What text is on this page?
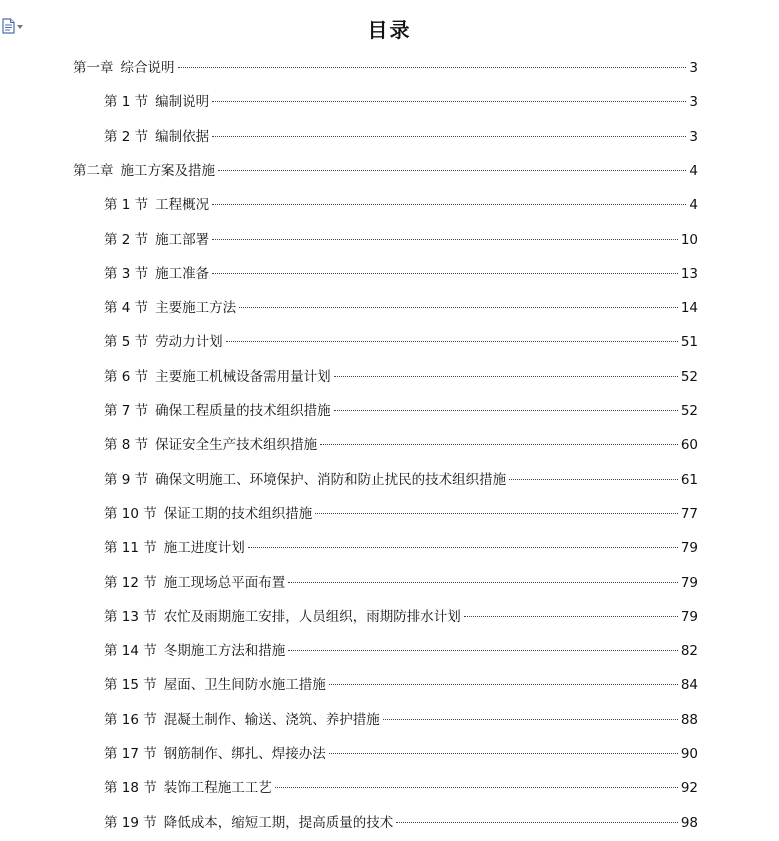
目录
第一章 综合说明	3
第 1 节 编制说明	3
第 2 节 编制依据	3
第二章 施工方案及措施	4
第 1 节 工程概况	4
第 2 节 施工部署	10
第 3 节 施工准备	13
第 4 节 主要施工方法	14
第 5 节 劳动力计划	51
第 6 节 主要施工机械设备需用量计划	52
第 7 节 确保工程质量的技术组织措施	52
第 8 节 保证安全生产技术组织措施	60
第 9 节 确保文明施工、环境保护、消防和防止扰民的技术组织措施	61
第 10 节 保证工期的技术组织措施	77
第 11 节 施工进度计划	79
第 12 节 施工现场总平面布置	79
第 13 节 农忙及雨期施工安排，人员组织，雨期防排水计划	79
第 14 节 冬期施工方法和措施	82
第 15 节 屋面、卫生间防水施工措施	84
第 16 节 混凝土制作、输送、浇筑、养护措施	88
第 17 节 钢筋制作、绑扎、焊接办法	90
第 18 节 装饰工程施工工艺	92
第 19 节 降低成本，缩短工期，提高质量的技术	98
